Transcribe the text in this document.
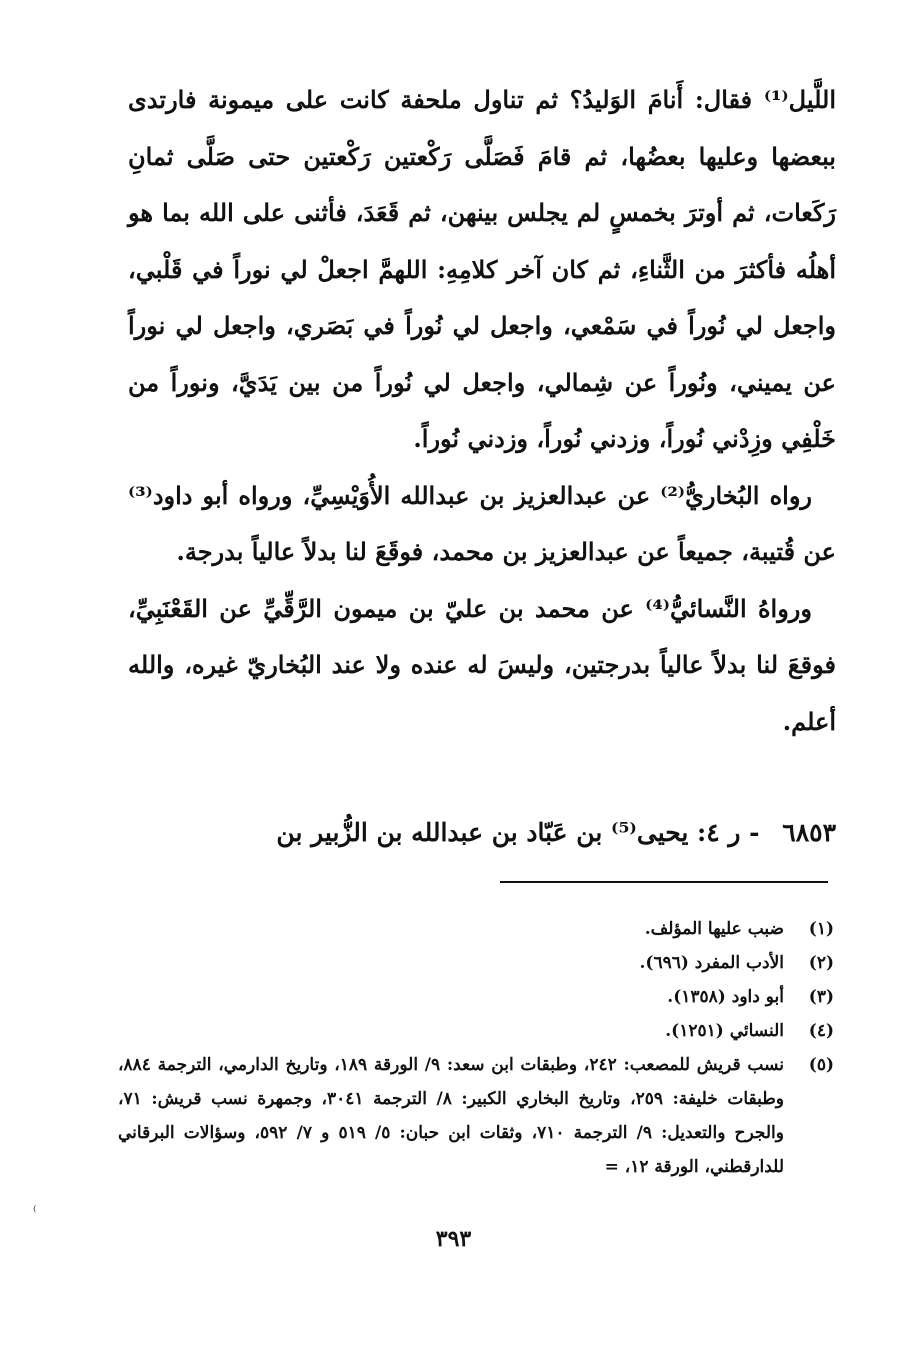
اللَّيل⁽¹⁾ فقال: أَنامَ الوَليدُ؟ ثم تناول ملحفة كانت على ميمونة فارتدى ببعضها وعليها بعضُها، ثم قامَ فَصَلَّى رَكْعتين رَكْعتين حتى صَلَّى ثمانِ رَكَعات، ثم أوترَ بخمسٍ لم يجلس بينهن، ثم قَعَدَ، فأثنى على الله بما هو أهلُه فأكثرَ من الثَّناءِ، ثم كان آخر كلامِهِ: اللهمَّ اجعلْ لي نوراً في قَلْبي، واجعل لي نُوراً في سَمْعي، واجعل لي نُوراً في بَصَري، واجعل لي نوراً عن يميني، ونُوراً عن شِمالي، واجعل لي نُوراً من بين يَدَيَّ، ونوراً من خَلْفِي وزِدْني نُوراً، وزدني نُوراً، وزدني نُوراً.

رواه البُخاريُّ⁽²⁾ عن عبدالعزيز بن عبدالله الأُوَيْسِيِّ، ورواه أبو داود⁽³⁾ عن قُتيبة، جميعاً عن عبدالعزيز بن محمد، فوقَعَ لنا بدلاً عالياً بدرجة.

ورواهُ النَّسائيُّ⁽⁴⁾ عن محمد بن عليّ بن ميمون الرَّقِّيِّ عن القَعْنَبِيِّ، فوقعَ لنا بدلاً عالياً بدرجتين، وليسَ له عنده ولا عند البُخاريّ غيره، والله أعلم.

٦٨٥٣ - ر ٤: يحيى⁽⁵⁾ بن عَبّاد بن عبدالله بن الزُّبير بن
(١)
ضبب عليها المؤلف.
(٢)
الأدب المفرد (٦٩٦).
(٣)
أبو داود (١٣٥٨).
(٤)
النسائي (١٢٥١).
(٥)
نسب قريش للمصعب: ٢٤٢، وطبقات ابن سعد: ٩/ الورقة ١٨٩، وتاريخ الدارمي، الترجمة ٨٨٤، وطبقات خليفة: ٢٥٩، وتاريخ البخاري الكبير: ٨/ الترجمة ٣٠٤١، وجمهرة نسب قريش: ٧١، والجرح والتعديل: ٩/ الترجمة ٧١٠، وثقات ابن حبان: ٥/ ٥١٩ و ٧/ ٥٩٢، وسؤالات البرقاني للدارقطني، الورقة ١٢، =
⁽
٣٩٣
